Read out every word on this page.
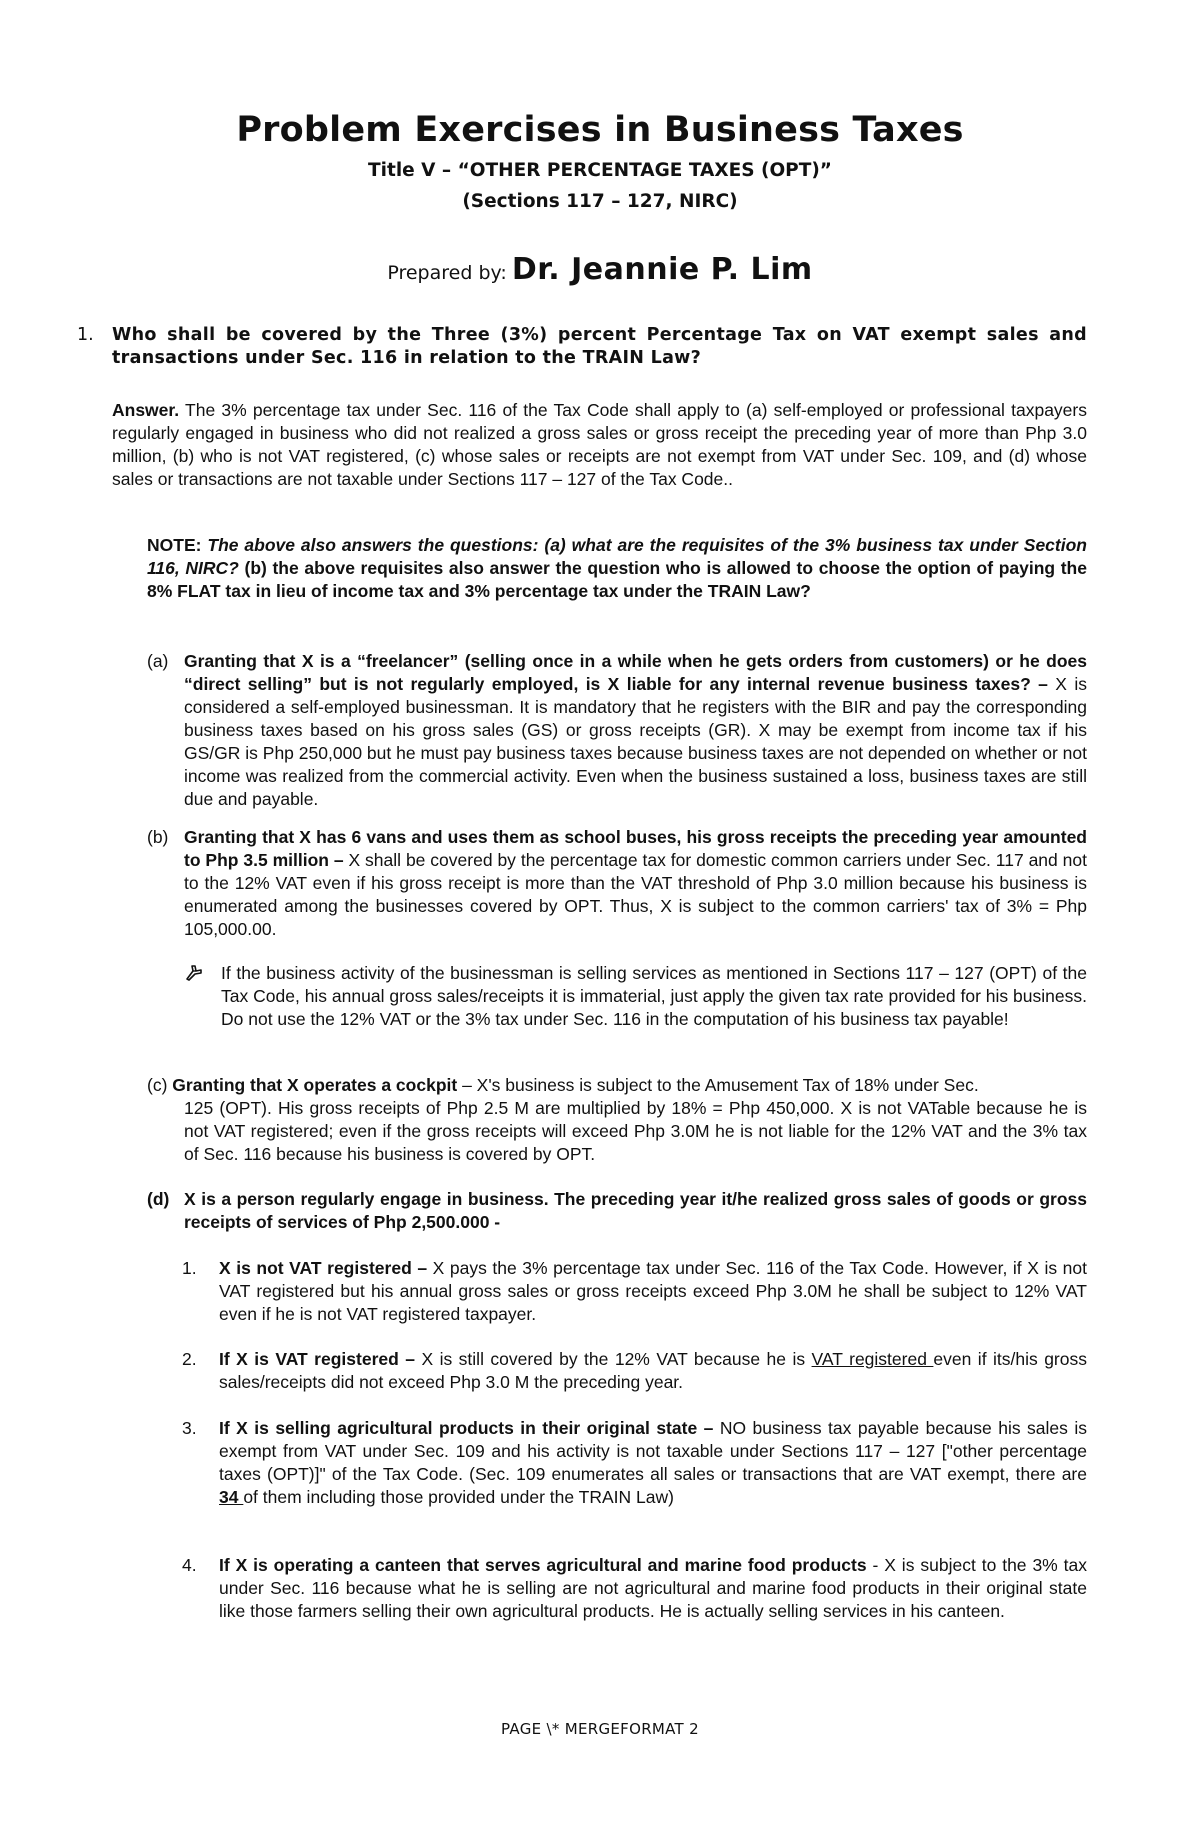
Problem Exercises in Business Taxes
Title V – “OTHER PERCENTAGE TAXES (OPT)”
(Sections 117 – 127, NIRC)
Prepared by: Dr. Jeannie P. Lim
1. Who shall be covered by the Three (3%) percent Percentage Tax on VAT exempt sales and transactions under Sec. 116 in relation to the TRAIN Law?
Answer. The 3% percentage tax under Sec. 116 of the Tax Code shall apply to (a) self-employed or professional taxpayers regularly engaged in business who did not realized a gross sales or gross receipt the preceding year of more than Php 3.0 million, (b) who is not VAT registered, (c) whose sales or receipts are not exempt from VAT under Sec. 109, and (d) whose sales or transactions are not taxable under Sections 117 – 127 of the Tax Code..
NOTE: The above also answers the questions: (a) what are the requisites of the 3% business tax under Section 116, NIRC? (b) the above requisites also answer the question who is allowed to choose the option of paying the 8% FLAT tax in lieu of income tax and 3% percentage tax under the TRAIN Law?
(a) Granting that X is a “freelancer” (selling once in a while when he gets orders from customers) or he does “direct selling” but is not regularly employed, is X liable for any internal revenue business taxes? – X is considered a self-employed businessman. It is mandatory that he registers with the BIR and pay the corresponding business taxes based on his gross sales (GS) or gross receipts (GR). X may be exempt from income tax if his GS/GR is Php 250,000 but he must pay business taxes because business taxes are not depended on whether or not income was realized from the commercial activity. Even when the business sustained a loss, business taxes are still due and payable.
(b) Granting that X has 6 vans and uses them as school buses, his gross receipts the preceding year amounted to Php 3.5 million – X shall be covered by the percentage tax for domestic common carriers under Sec. 117 and not to the 12% VAT even if his gross receipt is more than the VAT threshold of Php 3.0 million because his business is enumerated among the businesses covered by OPT. Thus, X is subject to the common carriers' tax of 3% = Php 105,000.00.
If the business activity of the businessman is selling services as mentioned in Sections 117 – 127 (OPT) of the Tax Code, his annual gross sales/receipts it is immaterial, just apply the given tax rate provided for his business. Do not use the 12% VAT or the 3% tax under Sec. 116 in the computation of his business tax payable!
(c) Granting that X operates a cockpit – X's business is subject to the Amusement Tax of 18% under Sec.
125 (OPT). His gross receipts of Php 2.5 M are multiplied by 18% = Php 450,000. X is not VATable because he is not VAT registered; even if the gross receipts will exceed Php 3.0M he is not liable for the 12% VAT and the 3% tax of Sec. 116 because his business is covered by OPT.
(d) X is a person regularly engage in business. The preceding year it/he realized gross sales of goods or gross receipts of services of Php 2,500.000 -
1. X is not VAT registered – X pays the 3% percentage tax under Sec. 116 of the Tax Code. However, if X is not VAT registered but his annual gross sales or gross receipts exceed Php 3.0M he shall be subject to 12% VAT even if he is not VAT registered taxpayer.
2. If X is VAT registered – X is still covered by the 12% VAT because he is VAT registered even if its/his gross sales/receipts did not exceed Php 3.0 M the preceding year.
3. If X is selling agricultural products in their original state – NO business tax payable because his sales is exempt from VAT under Sec. 109 and his activity is not taxable under Sections 117 – 127 ["other percentage taxes (OPT)]" of the Tax Code. (Sec. 109 enumerates all sales or transactions that are VAT exempt, there are 34 of them including those provided under the TRAIN Law)
4. If X is operating a canteen that serves agricultural and marine food products - X is subject to the 3% tax under Sec. 116 because what he is selling are not agricultural and marine food products in their original state like those farmers selling their own agricultural products. He is actually selling services in his canteen.
PAGE \* MERGEFORMAT 2
